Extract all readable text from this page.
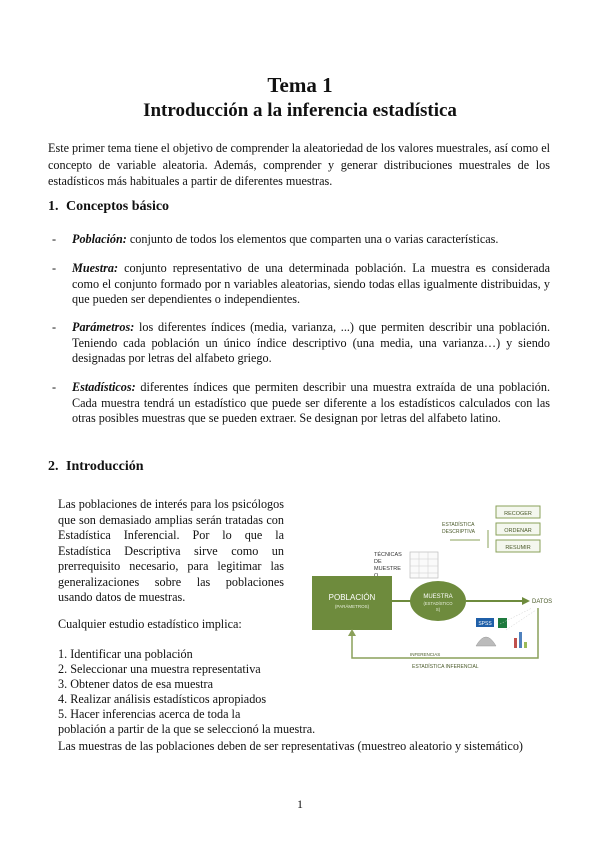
Tema 1
Introducción a la inferencia estadística
Este primer tema tiene el objetivo de comprender la aleatoriedad de los valores muestrales, así como el concepto de variable aleatoria. Además, comprender y generar distribuciones muestrales de los estadísticos más habituales a partir de diferentes muestras.
1. Conceptos básico
- Población: conjunto de todos los elementos que comparten una o varias características.
- Muestra: conjunto representativo de una determinada población. La muestra es considerada como el conjunto formado por n variables aleatorias, siendo todas ellas igualmente distribuidas, y que pueden ser dependientes o independientes.
- Parámetros: los diferentes índices (media, varianza, ...) que permiten describir una población. Teniendo cada población un único índice descriptivo (una media, una varianza…) y siendo designadas por letras del alfabeto griego.
- Estadísticos: diferentes índices que permiten describir una muestra extraída de una población. Cada muestra tendrá un estadístico que puede ser diferente a los estadísticos calculados con las otras posibles muestras que se pueden extraer. Se designan por letras del alfabeto latino.
2. Introducción
Las poblaciones de interés para los psicólogos que son demasiado amplias serán tratadas con Estadística Inferencial. Por lo que la Estadística Descriptiva sirve como un prerrequisito necesario, para legitimar las generalizaciones sobre las poblaciones usando datos de muestras.
Cualquier estudio estadístico implica:
1. Identificar una población
2. Seleccionar una muestra representativa
3. Obtener datos de esa muestra
4. Realizar análisis estadísticos apropiados
5. Hacer inferencias acerca de toda la
población a partir de la que se seleccionó la muestra.
Las muestras de las poblaciones deben de ser representativas (muestreo aleatorio y sistemático)
ESTADÍSTICA
DESCRIPTIVA
RECOGER
ORDENAR
RESUMIR
TÉCNICAS
DE
MUESTRE
POBLACIÓN
(PARÁMETROS)
MUESTRA
(ESTADÍSTICO
S)
DATOS
SPSS
INFERENCIAS
ESTADÍSTICA INFERENCIAL
1
